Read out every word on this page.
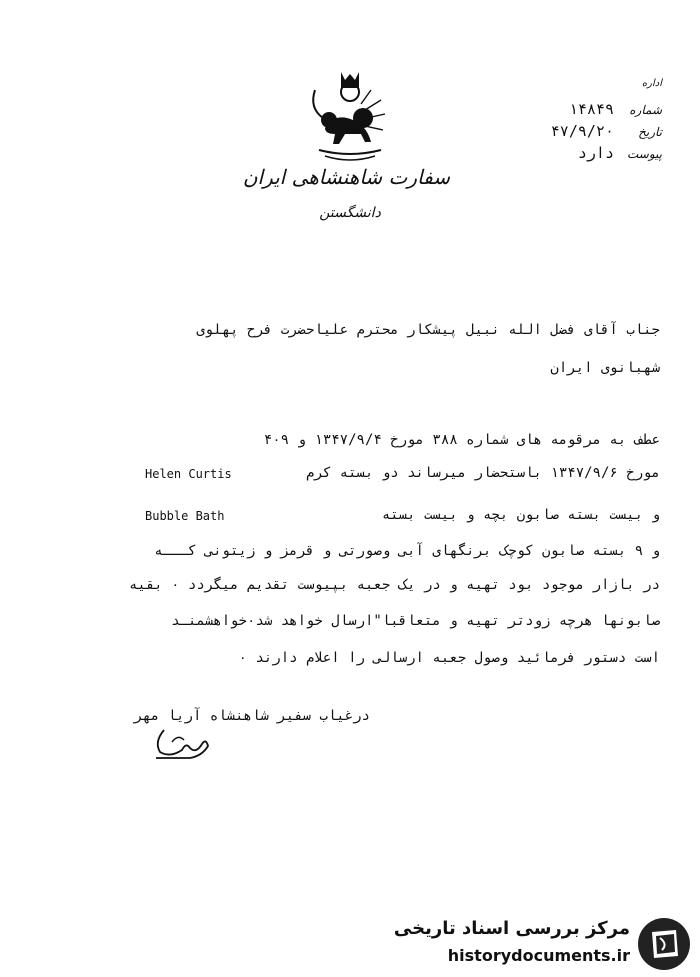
سفارت شاهنشاهی ایران
دانشگستن
اداره
شماره
۱۴۸۴۹
تاریخ
۴۷/۹/۲۰
پیوست
دارد
جناب آقای فضل الله نبیل پیشکار محترم علیاحضرت فرح پهلوی
شهبانوی ایران
عطف به مرقومه های شماره ۳۸۸ مورخ ۱۳۴۷/۹/۴ و ۴۰۹
مورخ ۱۳۴۷/۹/۶ باستحضار میرساند دو بسته کرم
Helen Curtis
و بیست بسته صابون بچه و بیست بسته
Bubble Bath
و ۹ بسته صابون کوچک برنگهای آبی وصورتی و قرمز و زیتونی کـــه
در بازار موجود بود تهیه و در یک جعبه بپیوست تقدیم میگردد ۰ بقیه
صابونها هرچه زودتر تهیه و متعاقبا"ارسال خواهد شد۰خواهشمنـد
است دستور فرمائید وصول جعبه ارسالی را اعلام دارند ۰
درغیاب سفیر شاهنشاه آریا مهر
مرکز بررسی اسناد تاریخی
historydocuments.ir
